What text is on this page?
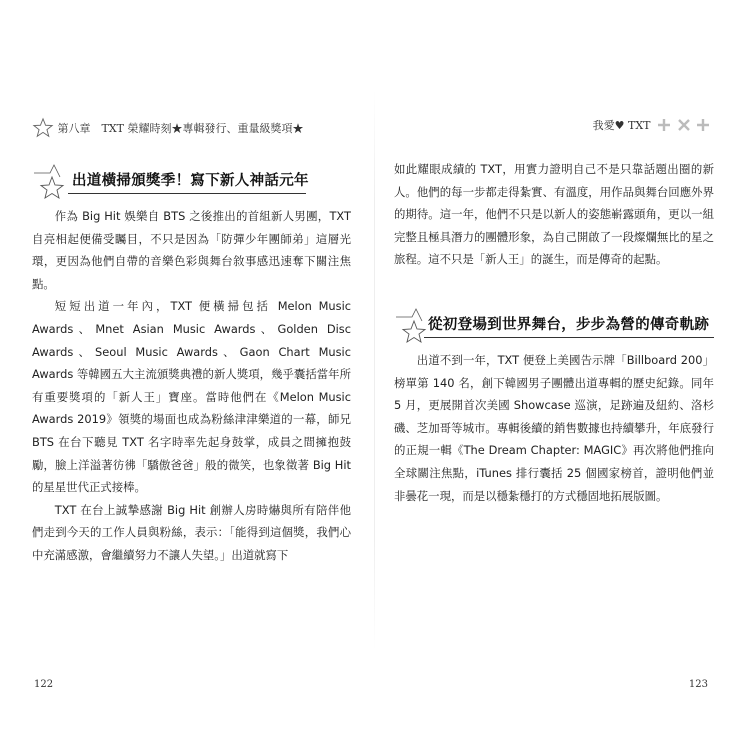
第八章　TXT 榮耀時刻★專輯發行、重量級獎項★
出道橫掃頒獎季！寫下新人神話元年

作為 Big Hit 娛樂自 BTS 之後推出的首組新人男團，TXT 自亮相起便備受矚目，不只是因為「防彈少年團師弟」這層光環，更因為他們自帶的音樂色彩與舞台敘事感迅速奪下關注焦點。

短短出道一年內，TXT 便橫掃包括 Melon Music Awards、Mnet Asian Music Awards、Golden Disc Awards、Seoul Music Awards、Gaon Chart Music Awards 等韓國五大主流頒獎典禮的新人獎項，幾乎囊括當年所有重要獎項的「新人王」寶座。當時他們在《Melon Music Awards 2019》領獎的場面也成為粉絲津津樂道的一幕，師兄 BTS 在台下聽見 TXT 名字時率先起身鼓掌，成員之間擁抱鼓勵，臉上洋溢著彷彿「驕傲爸爸」般的微笑，也象徵著 Big Hit 的星星世代正式接棒。

TXT 在台上誠摯感謝 Big Hit 創辦人房時爀與所有陪伴他們走到今天的工作人員與粉絲，表示：「能得到這個獎，我們心中充滿感激，會繼續努力不讓人失望。」出道就寫下

122
我愛♥ TXT

如此耀眼成績的 TXT，用實力證明自己不是只靠話題出圈的新人。他們的每一步都走得紮實、有溫度，用作品與舞台回應外界的期待。這一年，他們不只是以新人的姿態嶄露頭角，更以一組完整且極具潛力的團體形象，為自己開啟了一段燦爛無比的星之旅程。這不只是「新人王」的誕生，而是傳奇的起點。

從初登場到世界舞台，步步為營的傳奇軌跡

出道不到一年，TXT 便登上美國告示牌「Billboard 200」榜單第 140 名，創下韓國男子團體出道專輯的歷史紀錄。同年 5 月，更展開首次美國 Showcase 巡演，足跡遍及紐約、洛杉磯、芝加哥等城市。專輯後續的銷售數據也持續攀升，年底發行的正規一輯《The Dream Chapter: MAGIC》再次將他們推向全球關注焦點，iTunes 排行囊括 25 個國家榜首，證明他們並非曇花一現，而是以穩紮穩打的方式穩固地拓展版圖。

123
